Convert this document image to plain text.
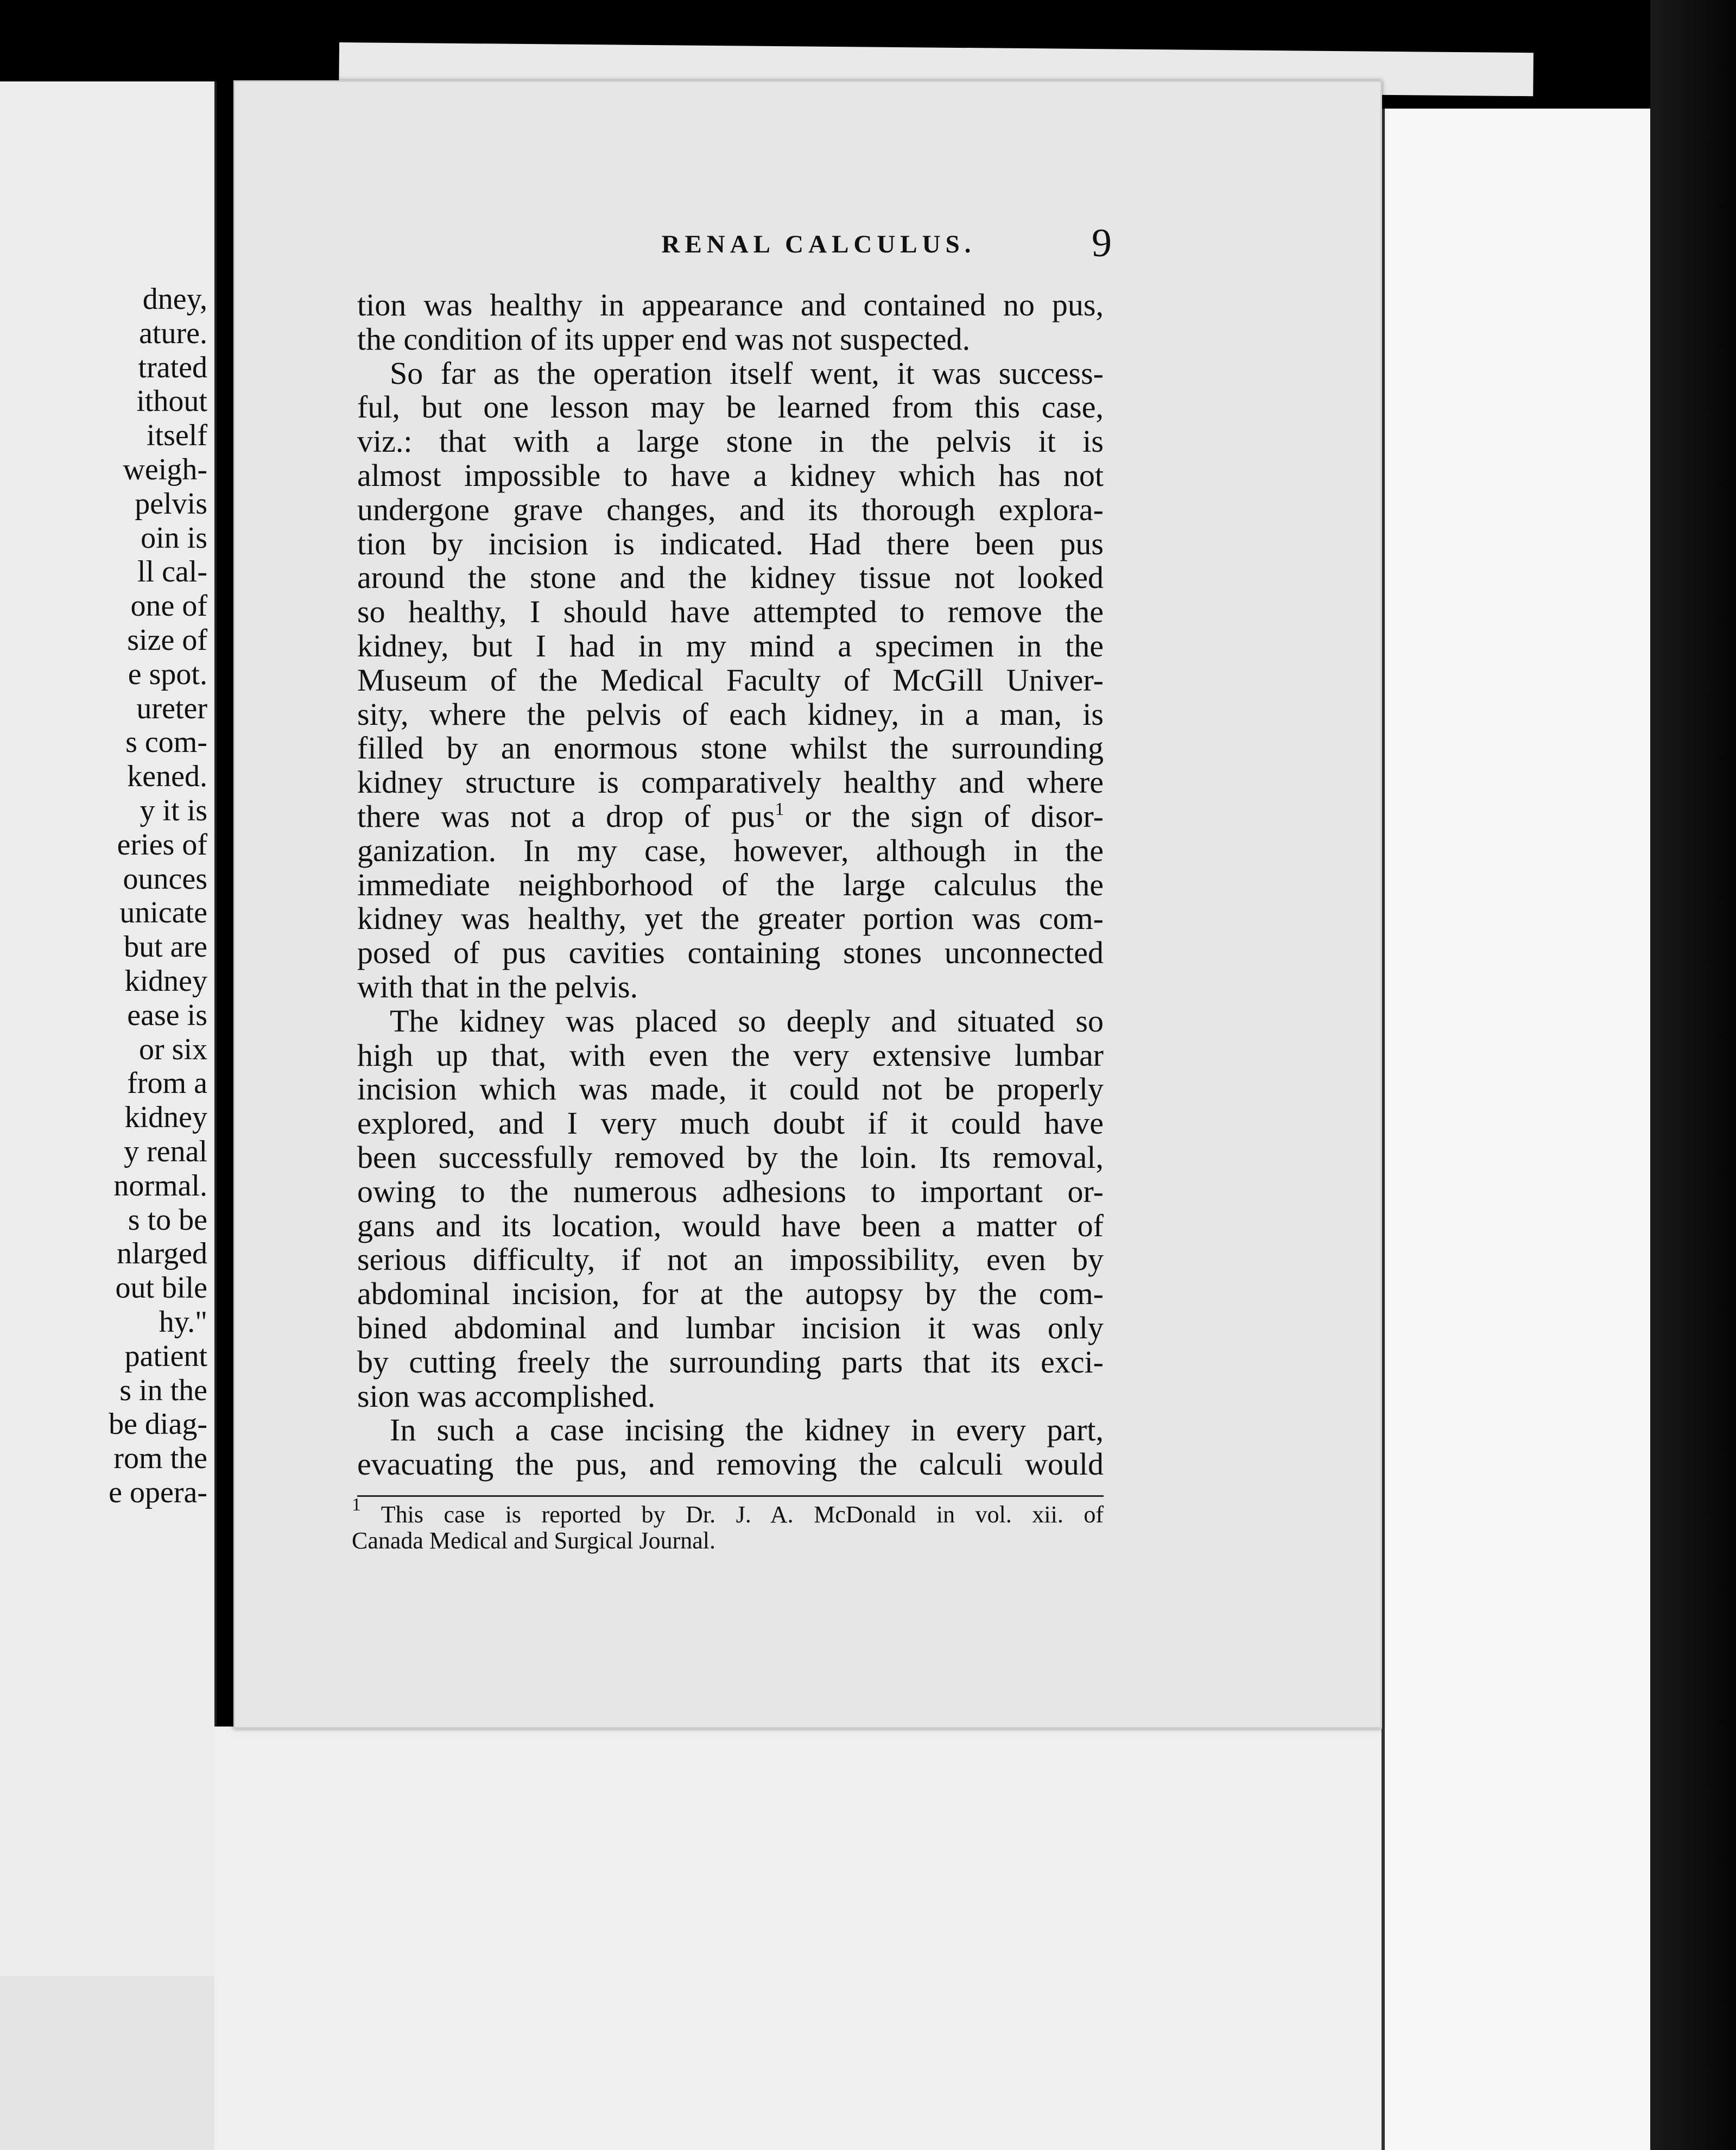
dney,
ature.
trated
ithout
itself
weigh-
pelvis
oin is
ll cal-
one of
size of
e spot.
ureter
s com-
kened.
y it is
eries of
ounces
unicate
but are
kidney
ease is
or six
from a
kidney
y renal
normal.
s to be
nlarged
out bile
hy."
patient
s in the
be diag-
rom the
e opera-
RENAL CALCULUS.	9
tion was healthy in appearance and contained no pus,
the condition of its upper end was not suspected.
So far as the operation itself went, it was success-
ful, but one lesson may be learned from this case,
viz.: that with a large stone in the pelvis it is
almost impossible to have a kidney which has not
undergone grave changes, and its thorough explora-
tion by incision is indicated. Had there been pus
around the stone and the kidney tissue not looked
so healthy, I should have attempted to remove the
kidney, but I had in my mind a specimen in the
Museum of the Medical Faculty of McGill Univer-
sity, where the pelvis of each kidney, in a man, is
filled by an enormous stone whilst the surrounding
kidney structure is comparatively healthy and where
there was not a drop of pus$^1$ or the sign of disor-
ganization. In my case, however, although in the
immediate neighborhood of the large calculus the
kidney was healthy, yet the greater portion was com-
posed of pus cavities containing stones unconnected
with that in the pelvis.
The kidney was placed so deeply and situated so
high up that, with even the very extensive lumbar
incision which was made, it could not be properly
explored, and I very much doubt if it could have
been successfully removed by the loin. Its removal,
owing to the numerous adhesions to important or-
gans and its location, would have been a matter of
serious difficulty, if not an impossibility, even by
abdominal incision, for at the autopsy by the com-
bined abdominal and lumbar incision it was only
by cutting freely the surrounding parts that its exci-
sion was accomplished.
In such a case incising the kidney in every part,
evacuating the pus, and removing the calculi would
$^1$ This case is reported by Dr. J. A. McDonald in vol. xii. of
Canada Medical and Surgical Journal.
